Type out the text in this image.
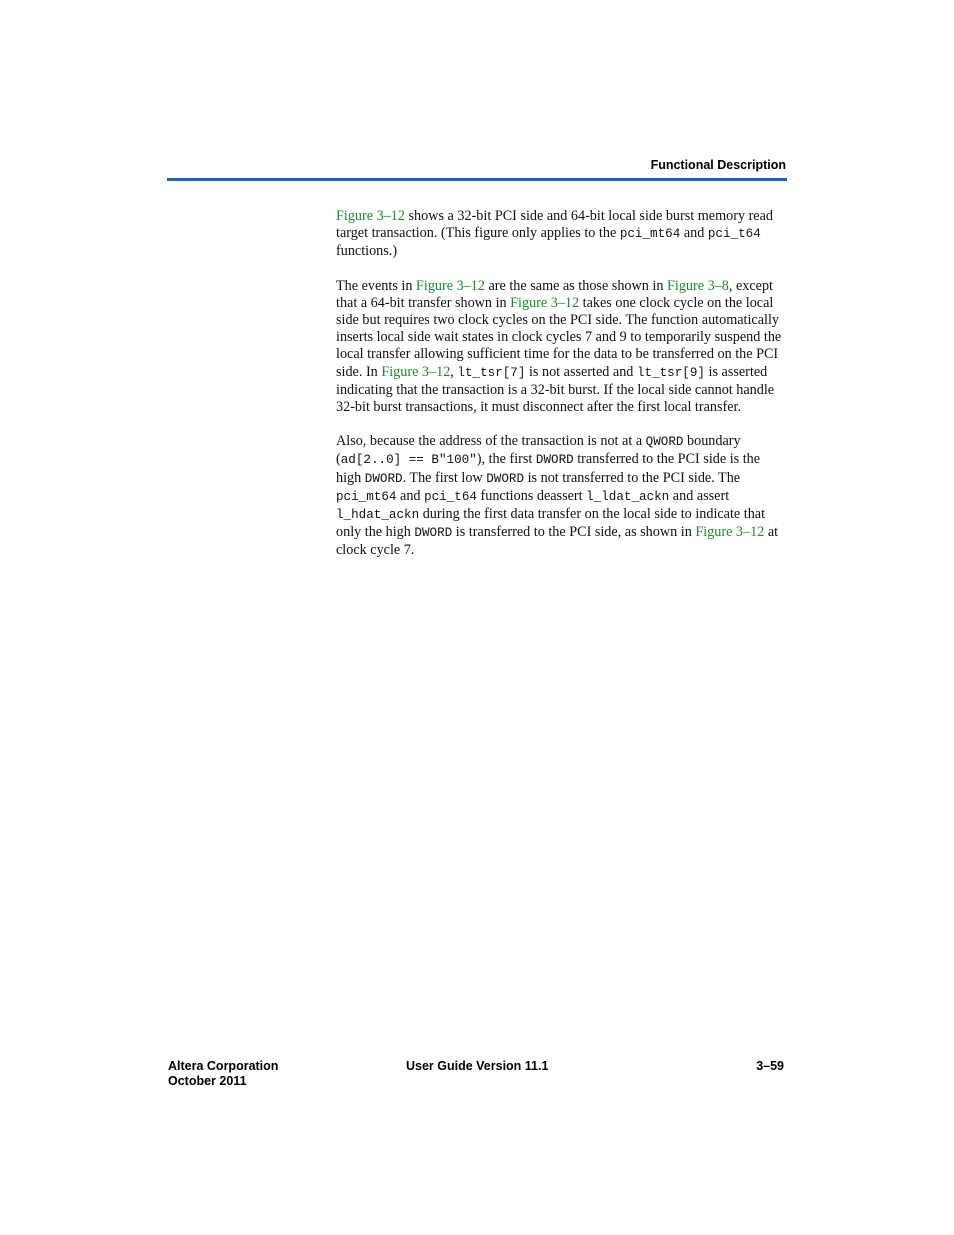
Functional Description

Figure 3–12 shows a 32-bit PCI side and 64-bit local side burst memory read target transaction. (This figure only applies to the pci_mt64 and pci_t64 functions.)

The events in Figure 3–12 are the same as those shown in Figure 3–8, except that a 64-bit transfer shown in Figure 3–12 takes one clock cycle on the local side but requires two clock cycles on the PCI side. The function automatically inserts local side wait states in clock cycles 7 and 9 to temporarily suspend the local transfer allowing sufficient time for the data to be transferred on the PCI side. In Figure 3–12, lt_tsr[7] is not asserted and lt_tsr[9] is asserted indicating that the transaction is a 32-bit burst. If the local side cannot handle 32-bit burst transactions, it must disconnect after the first local transfer.

Also, because the address of the transaction is not at a QWORD boundary (ad[2..0] == B"100"), the first DWORD transferred to the PCI side is the high DWORD. The first low DWORD is not transferred to the PCI side. The pci_mt64 and pci_t64 functions deassert l_ldat_ackn and assert l_hdat_ackn during the first data transfer on the local side to indicate that only the high DWORD is transferred to the PCI side, as shown in Figure 3–12 at clock cycle 7.

Altera Corporation
October 2011
User Guide Version 11.1	3–59
